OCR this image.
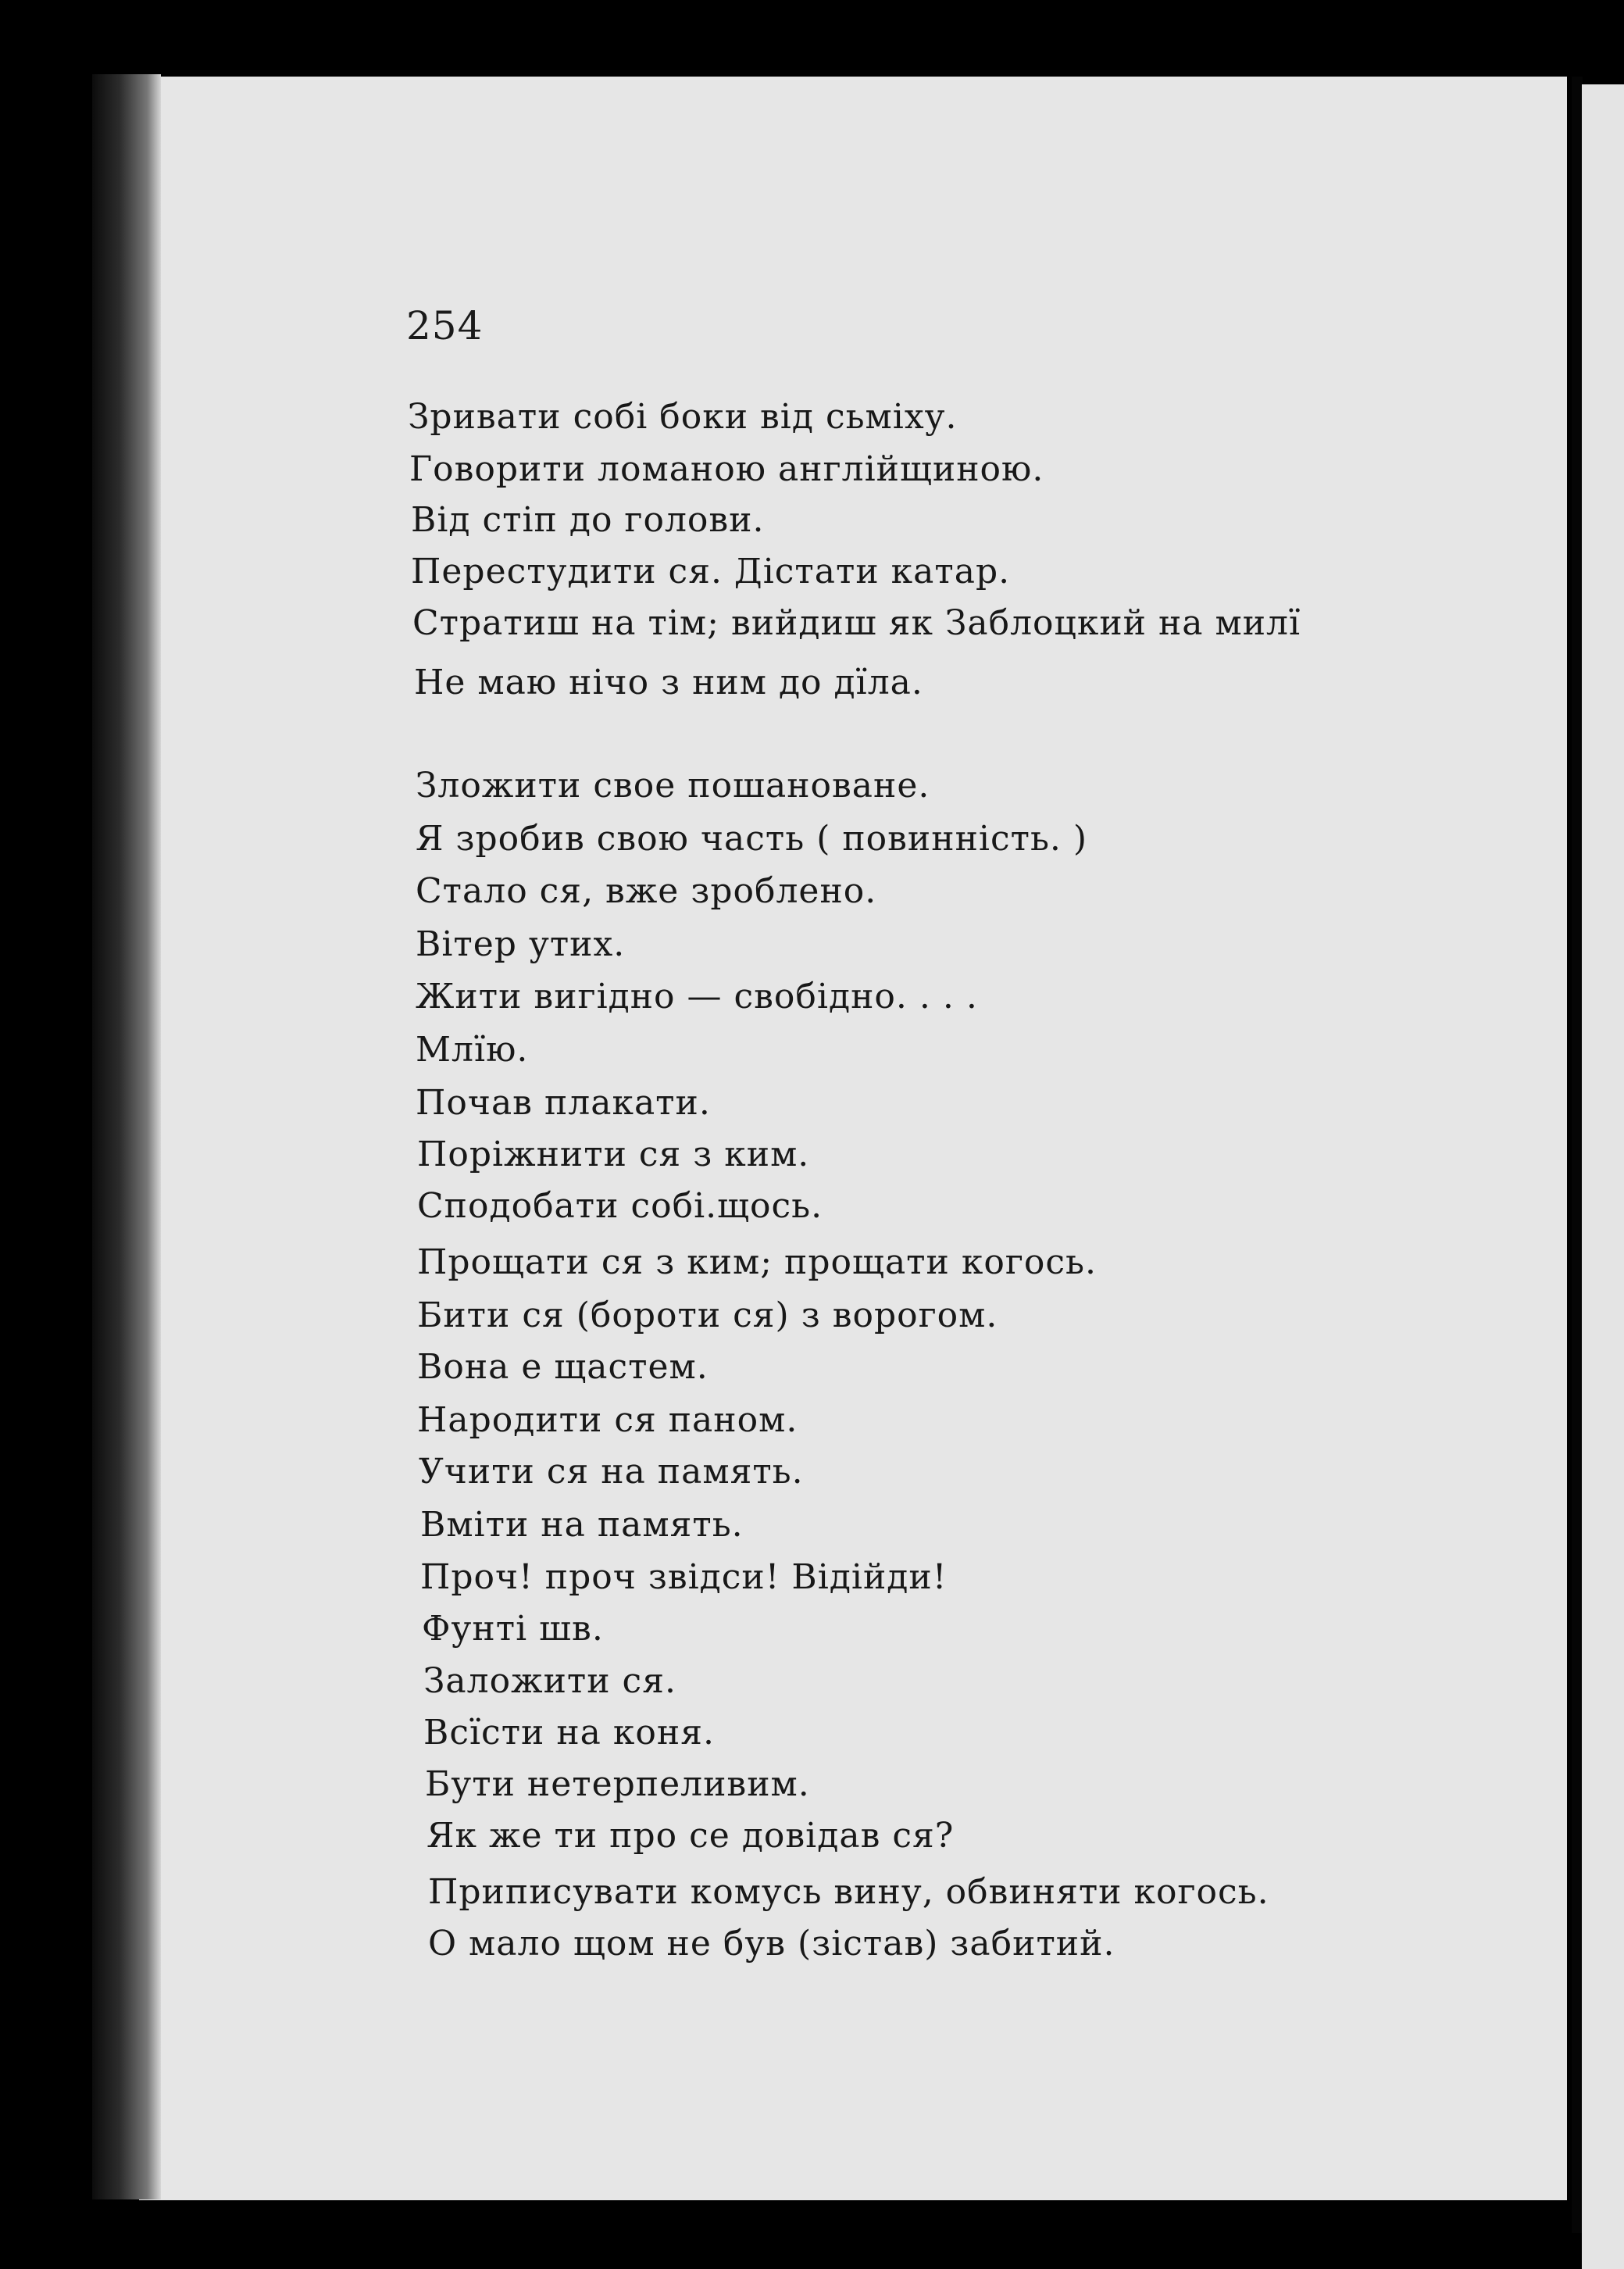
254
Зривати собі боки від сьміху.
Говорити ломаною англійщиною.
Від стіп до голови.
Перестудити ся. Дістати катар.
Стратиш на тім; вийдиш як Заблоцкий на милї
Не маю нічо з ним до дїла.
Зложити свое пошановане.
Я зробив свою часть ( повинність. )
Стало ся, вже зроблено.
Вітер утих.
Жити вигідно — свобідно. . . .
Млїю.
Почав плакати.
Поріжнити ся з ким.
Сподобати собі.щось.
Прощати ся з ким; прощати когось.
Бити ся (бороти ся) з ворогом.
Вона е щастем.
Народити ся паном.
Учити ся на память.
Вміти на память.
Проч! проч звідси! Відійди!
Фунті шв.
Заложити ся.
Всїсти на коня.
Бути нетерпеливим.
Як же ти про се довідав ся?
Приписувати комусь вину, обвиняти когось.
О мало щом не був (зістав) забитий.
